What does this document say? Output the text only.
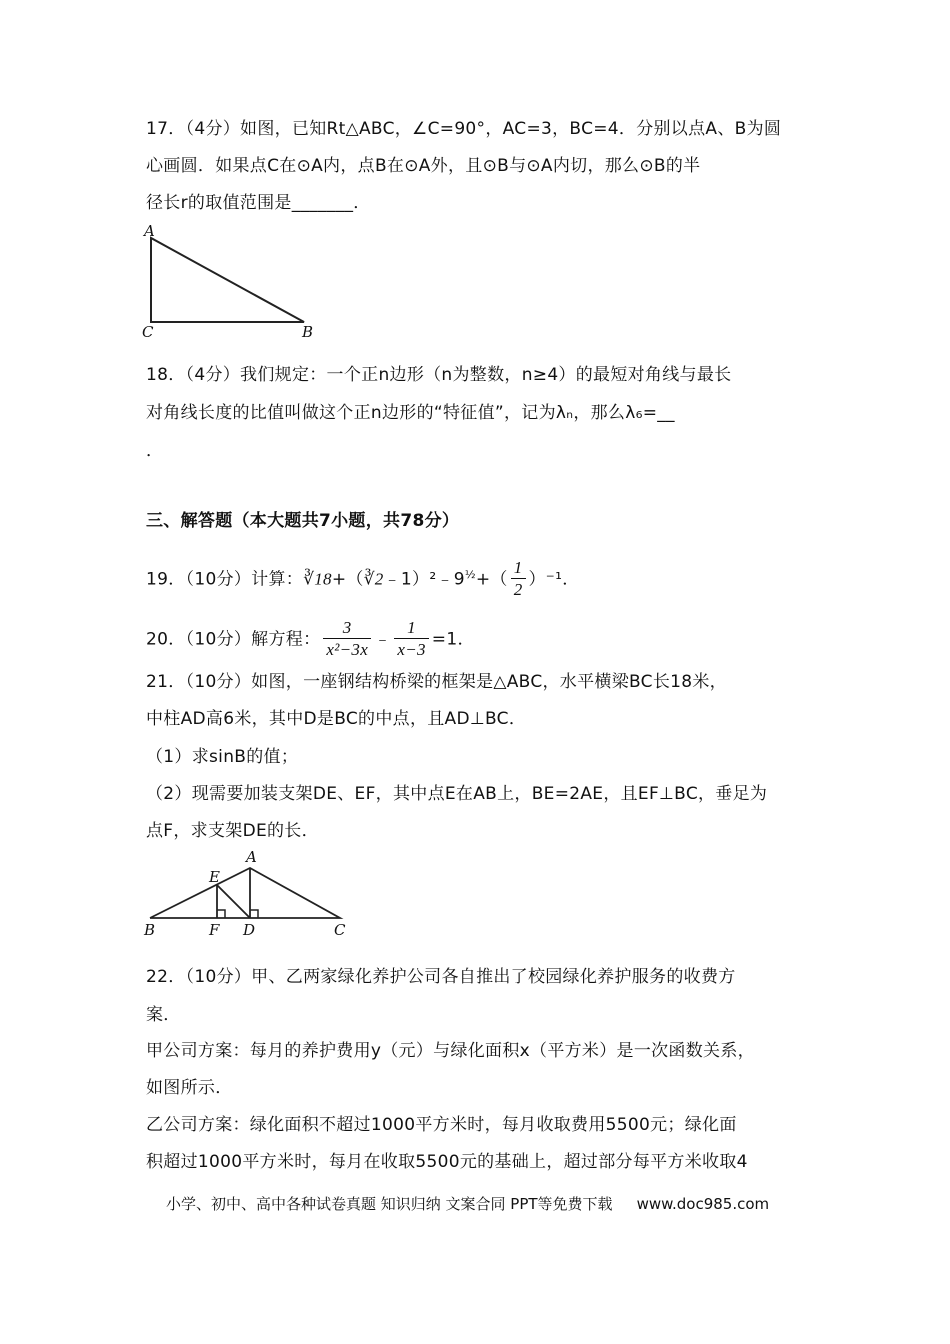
17．（4分）如图，已知Rt△ABC，∠C=90°，AC=3，BC=4．分别以点A、B为圆
心画圆．如果点C在⊙A内，点B在⊙A外，且⊙B与⊙A内切，那么⊙B的半
径长r的取值范围是_______．
A
C	B
18．（4分）我们规定：一个正n边形（n为整数，n≥4）的最短对角线与最长
对角线长度的比值叫做这个正n边形的“特征值”，记为λₙ，那么λ₆=__
．
三、解答题（本大题共7小题，共78分）
19．（10分）计算：$∛18+(∛2﹣1)^2﹣9^{\frac{1}{2}}+( \frac{1}{2} )^{-1}$．
20．（10分）解方程： $\frac{3}{\text{x²−3x}}$ ﹣ $\frac{1}{x-3} =1$．
21．（10分）如图，一座钢结构桥梁的框架是△ABC，水平横梁BC长18米，
中柱AD高6米，其中D是BC的中点，且AD⊥BC．
（1）求sinB的值；
（2）现需要加装支架DE、EF，其中点E在AB上，BE=2AE，且EF⊥BC，垂足为
点F，求支架DE的长．
A
E
B	F D	C
22．（10分）甲、乙两家绿化养护公司各自推出了校园绿化养护服务的收费方
案．
甲公司方案：每月的养护费用y（元）与绿化面积x（平方米）是一次函数关系，
如图所示．
乙公司方案：绿化面积不超过1000平方米时，每月收取费用5500元；绿化面
积超过1000平方米时，每月在收取5500元的基础上，超过部分每平方米收取4
小学、初中、高中各种试卷真题 知识归纳 文案合同 PPT等免费下载 www.doc985.com
